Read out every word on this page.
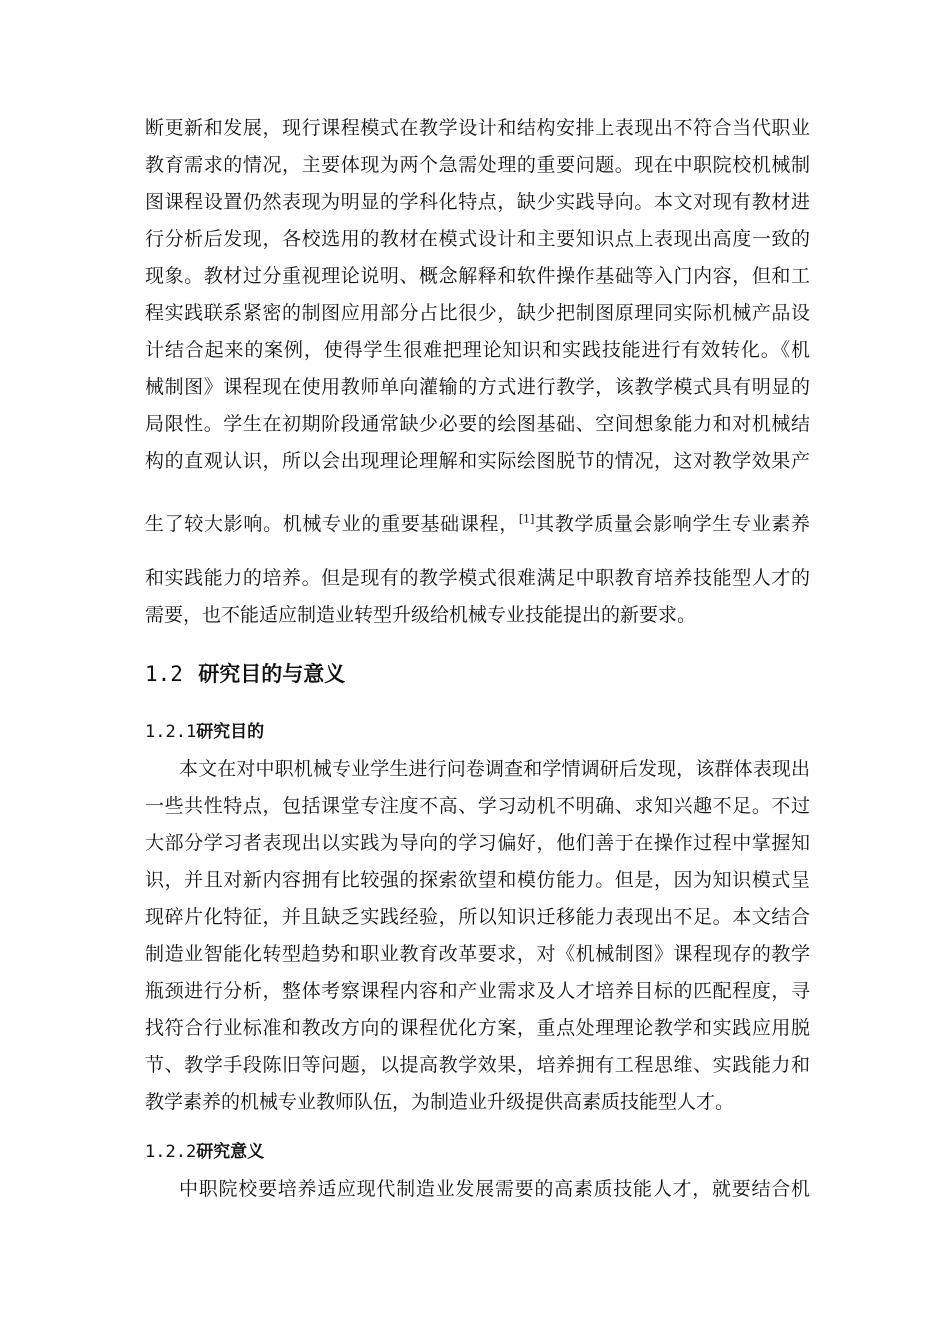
断更新和发展，现行课程模式在教学设计和结构安排上表现出不符合当代职业
教育需求的情况，主要体现为两个急需处理的重要问题。现在中职院校机械制
图课程设置仍然表现为明显的学科化特点，缺少实践导向。本文对现有教材进
行分析后发现，各校选用的教材在模式设计和主要知识点上表现出高度一致的
现象。教材过分重视理论说明、概念解释和软件操作基础等入门内容，但和工
程实践联系紧密的制图应用部分占比很少，缺少把制图原理同实际机械产品设
计结合起来的案例，使得学生很难把理论知识和实践技能进行有效转化。《机
械制图》课程现在使用教师单向灌输的方式进行教学，该教学模式具有明显的
局限性。学生在初期阶段通常缺少必要的绘图基础、空间想象能力和对机械结
构的直观认识，所以会出现理论理解和实际绘图脱节的情况，这对教学效果产
生了较大影响。机械专业的重要基础课程，[1]其教学质量会影响学生专业素养
和实践能力的培养。但是现有的教学模式很难满足中职教育培养技能型人才的
需要，也不能适应制造业转型升级给机械专业技能提出的新要求。
1.2 研究目的与意义
1.2.1研究目的
本文在对中职机械专业学生进行问卷调查和学情调研后发现，该群体表现出
一些共性特点，包括课堂专注度不高、学习动机不明确、求知兴趣不足。不过
大部分学习者表现出以实践为导向的学习偏好，他们善于在操作过程中掌握知
识，并且对新内容拥有比较强的探索欲望和模仿能力。但是，因为知识模式呈
现碎片化特征，并且缺乏实践经验，所以知识迁移能力表现出不足。本文结合
制造业智能化转型趋势和职业教育改革要求，对《机械制图》课程现存的教学
瓶颈进行分析，整体考察课程内容和产业需求及人才培养目标的匹配程度，寻
找符合行业标准和教改方向的课程优化方案，重点处理理论教学和实践应用脱
节、教学手段陈旧等问题，以提高教学效果，培养拥有工程思维、实践能力和
教学素养的机械专业教师队伍，为制造业升级提供高素质技能型人才。
1.2.2研究意义
中职院校要培养适应现代制造业发展需要的高素质技能人才，就要结合机
